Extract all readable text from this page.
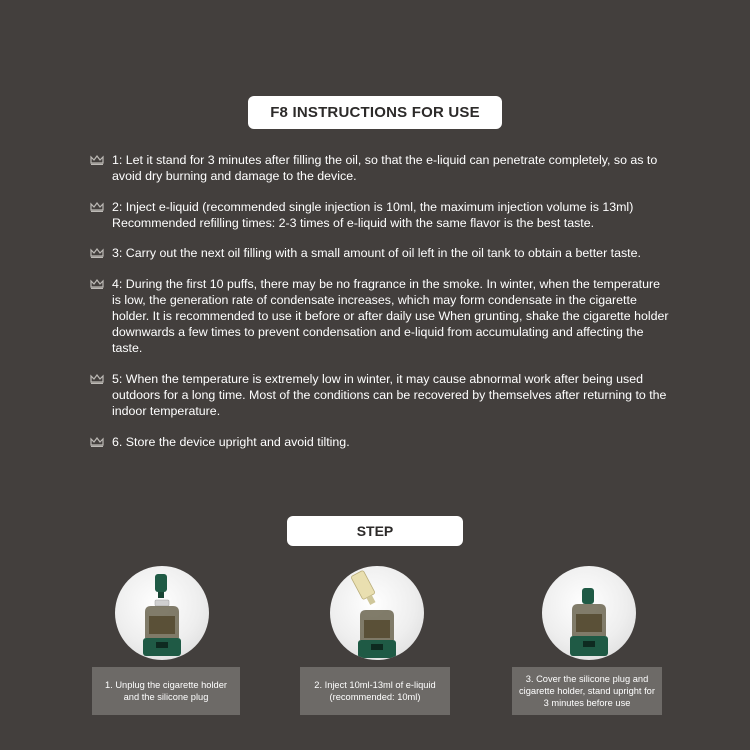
F8 INSTRUCTIONS FOR USE
1: Let it stand for 3 minutes after filling the oil, so that the e-liquid can penetrate completely, so as to avoid dry burning and damage to the device.
2: Inject e-liquid (recommended single injection is 10ml, the maximum injection volume is 13ml) Recommended refilling times: 2-3 times of e-liquid with the same flavor is the best taste.
3: Carry out the next oil filling with a small amount of oil left in the oil tank to obtain a better taste.
4: During the first 10 puffs, there may be no fragrance in the smoke. In winter, when the temperature is low, the generation rate of condensate increases, which may form condensate in the cigarette holder. It is recommended to use it before or after daily use When grunting, shake the cigarette holder downwards a few times to prevent condensation and e-liquid from accumulating and affecting the taste.
5: When the temperature is extremely low in winter, it may cause abnormal work after being used outdoors for a long time. Most of the conditions can be recovered by themselves after returning to the indoor temperature.
6. Store the device upright and avoid tilting.
STEP
1. Unplug the cigarette holder and the silicone plug
2. Inject 10ml-13ml of e-liquid (recommended: 10ml)
3. Cover the silicone plug and cigarette holder, stand upright for 3 minutes before use
